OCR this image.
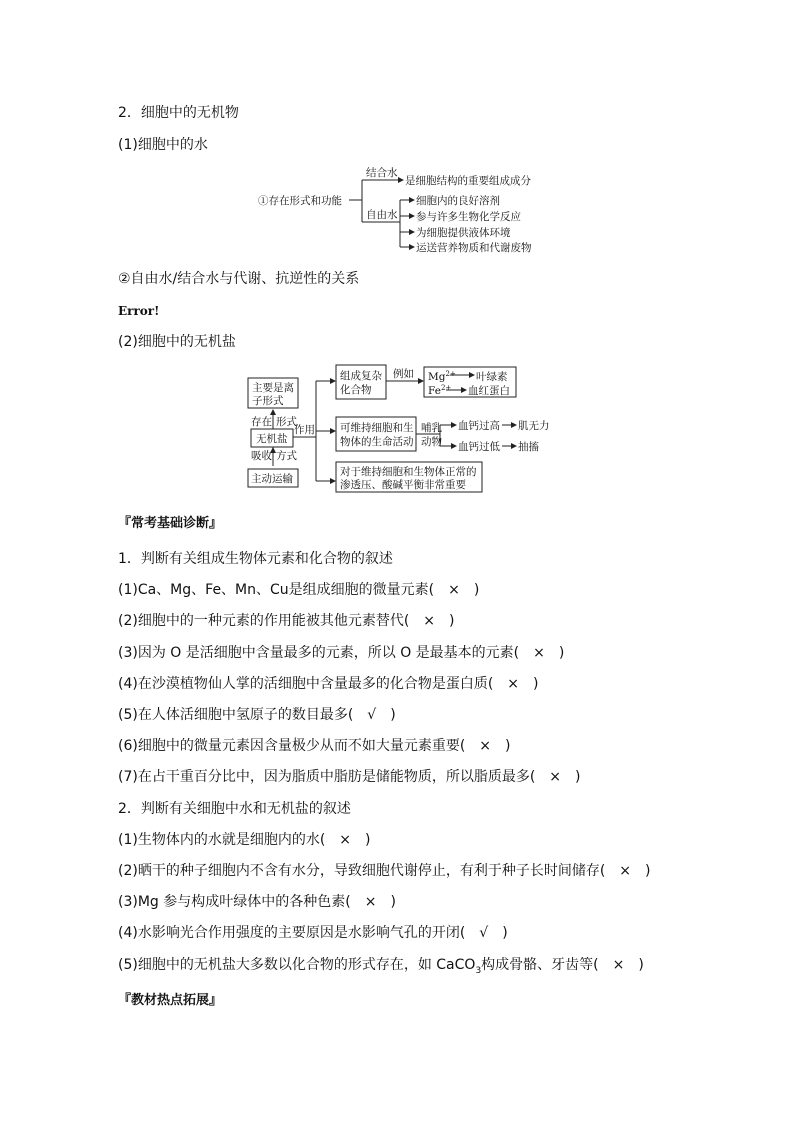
2．细胞中的无机物
(1)细胞中的水
①存在形式和功能
结合水
是细胞结构的重要组成成分
自由水
细胞内的良好溶剂
参与许多生物化学反应
为细胞提供液体环境
运送营养物质和代谢废物
②自由水/结合水与代谢、抗逆性的关系
Error!
(2)细胞中的无机盐
主要是离
子形式
存在 形式
无机盐
吸收 方式
主动运输
作用
组成复杂
化合物
例如 $Mg^{2+}$ 叶绿素
$Fe^{2+}$ 血红蛋白
可维持细胞和生
物体的生命活动
哺乳
动物
血钙过高 肌无力
血钙过低 抽搐
对于维持细胞和生物体正常的
渗透压、酸碱平衡非常重要
『常考基础诊断』
1．判断有关组成生物体元素和化合物的叙述
(1)Ca、Mg、Fe、Mn、Cu是组成细胞的微量元素( × )
(2)细胞中的一种元素的作用能被其他元素替代( × )
(3)因为 O 是活细胞中含量最多的元素，所以 O 是最基本的元素( × )
(4)在沙漠植物仙人掌的活细胞中含量最多的化合物是蛋白质( × )
(5)在人体活细胞中氢原子的数目最多( √ )
(6)细胞中的微量元素因含量极少从而不如大量元素重要( × )
(7)在占干重百分比中，因为脂质中脂肪是储能物质，所以脂质最多( × )
2．判断有关细胞中水和无机盐的叙述
(1)生物体内的水就是细胞内的水( × )
(2)晒干的种子细胞内不含有水分，导致细胞代谢停止，有利于种子长时间储存( × )
(3)Mg 参与构成叶绿体中的各种色素( × )
(4)水影响光合作用强度的主要原因是水影响气孔的开闭( √ )
(5)细胞中的无机盐大多数以化合物的形式存在，如 CaCO$_3$构成骨骼、牙齿等( × )
『教材热点拓展』
